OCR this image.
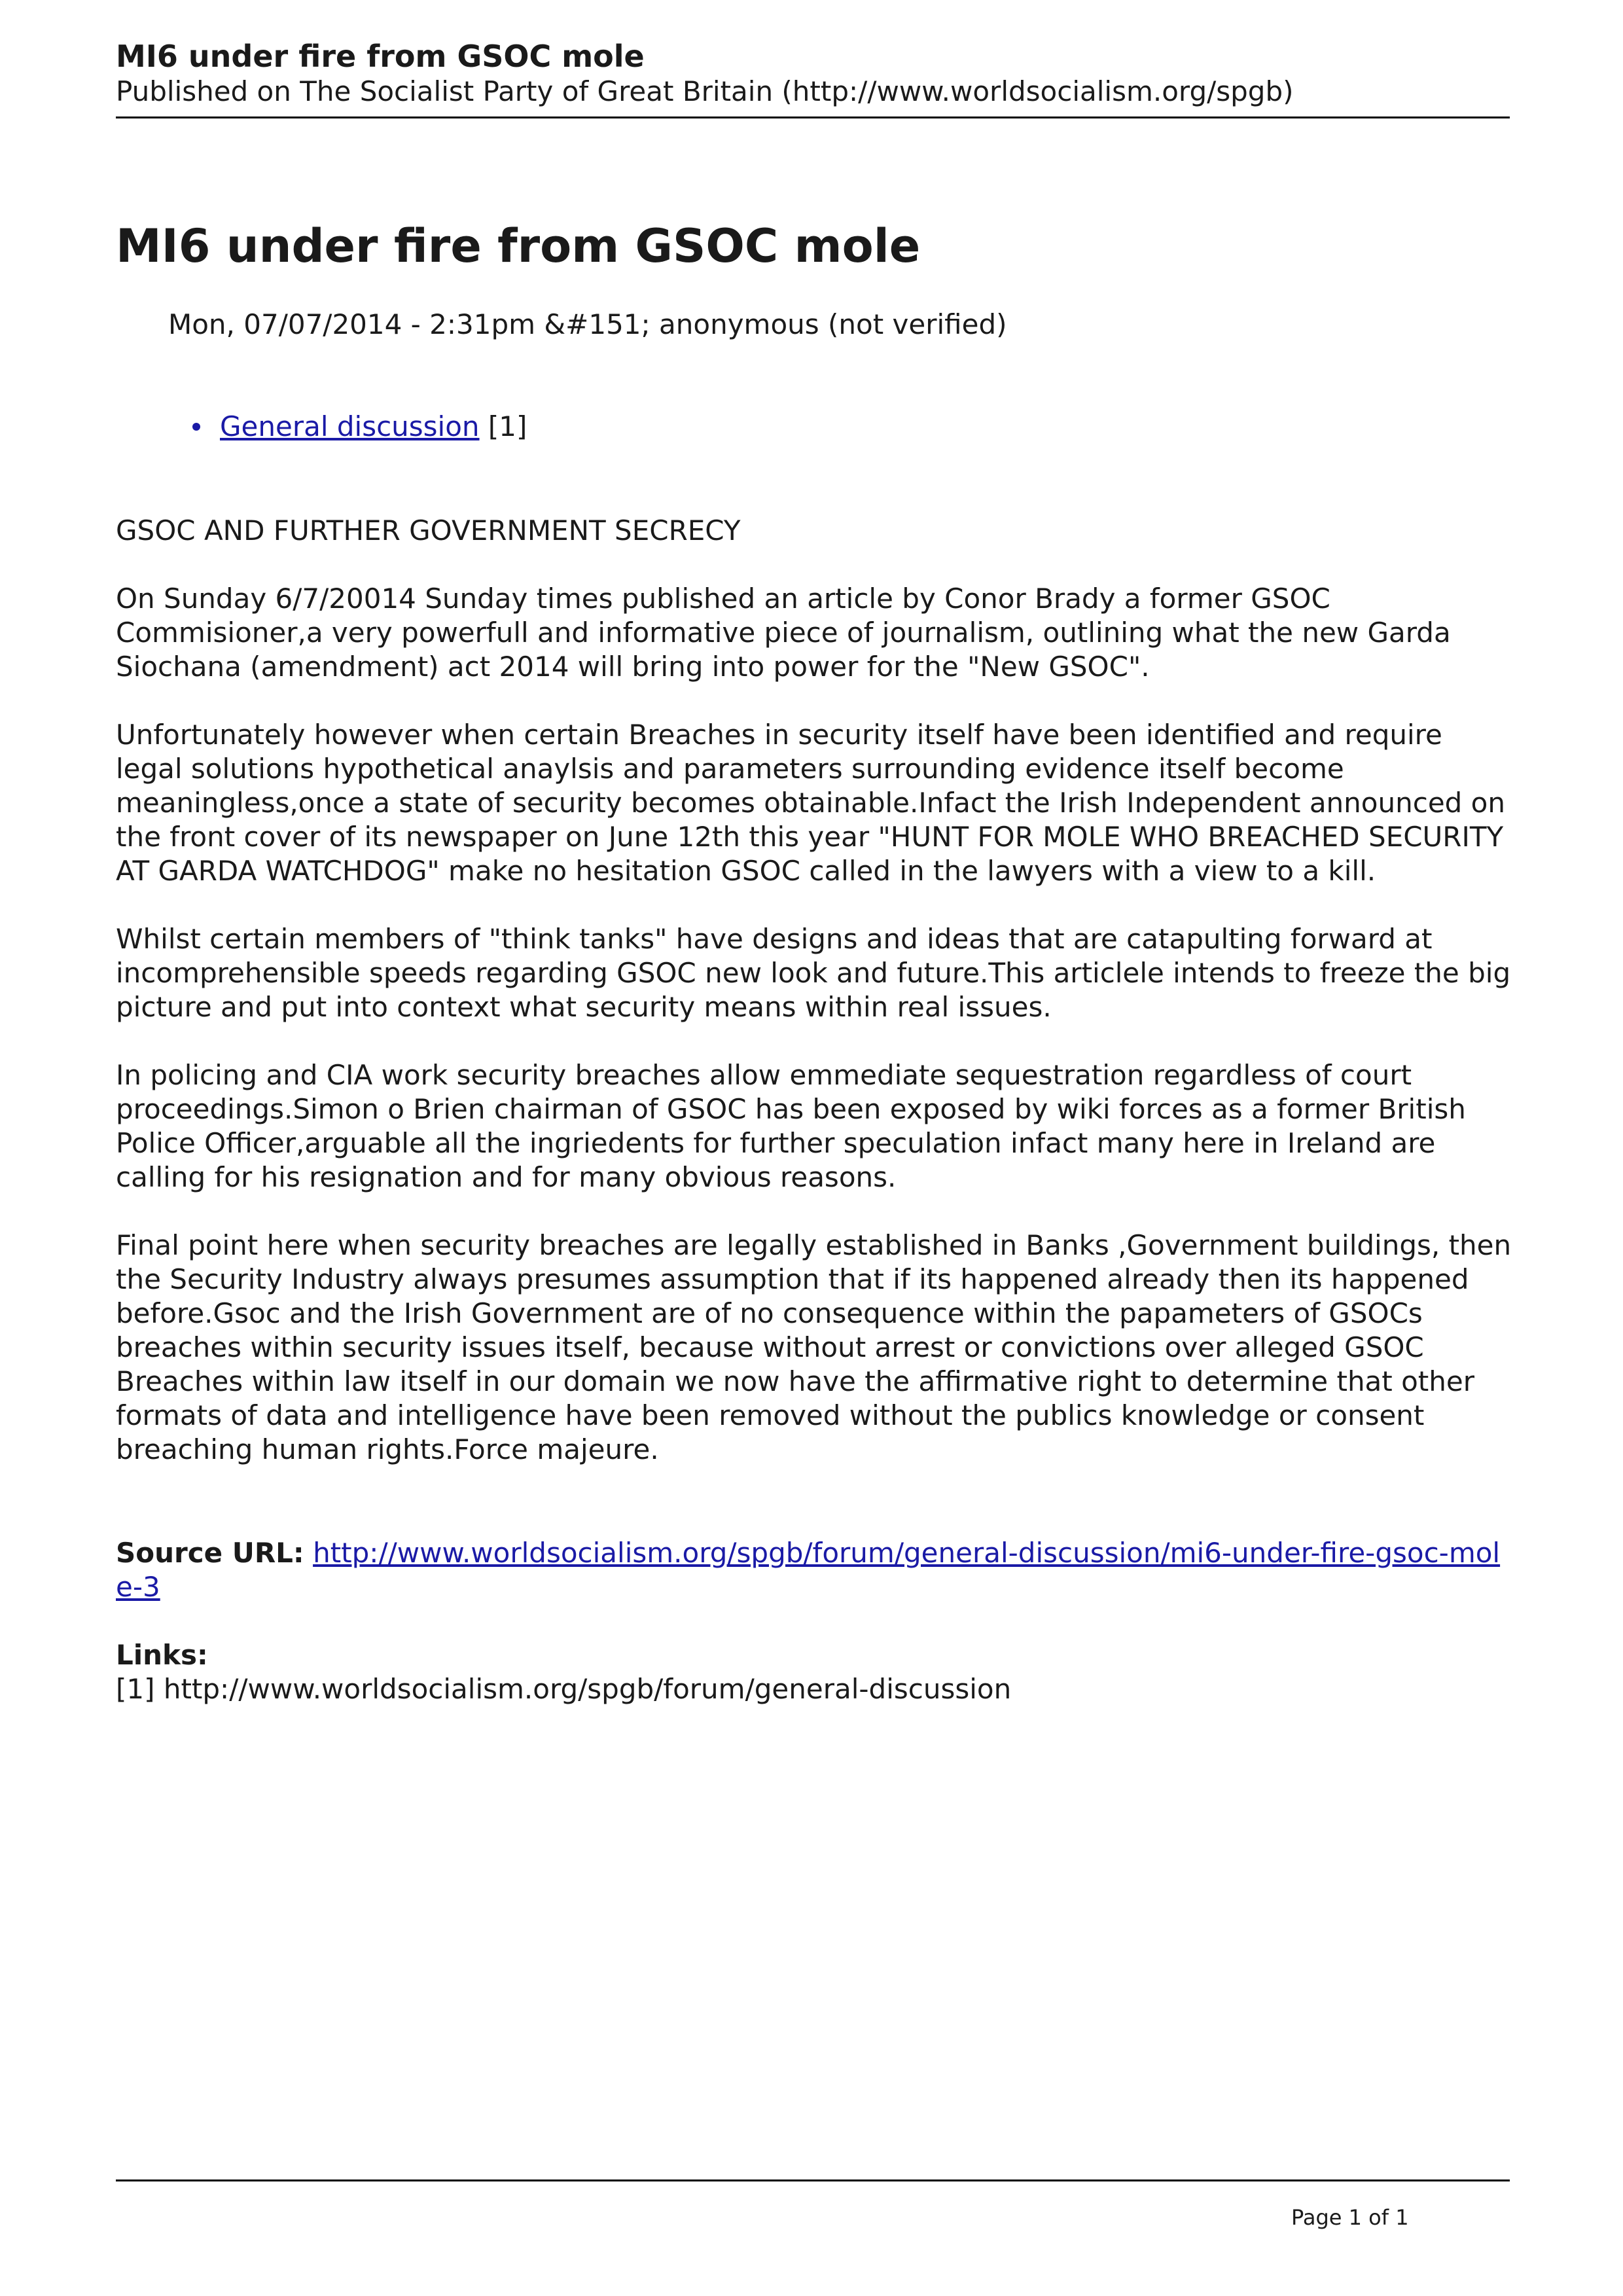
MI6 under fire from GSOC mole
Published on The Socialist Party of Great Britain (http://www.worldsocialism.org/spgb)
MI6 under fire from GSOC mole
Mon, 07/07/2014 - 2:31pm &#151; anonymous (not verified)
General discussion [1]

GSOC AND FURTHER GOVERNMENT SECRECY

On Sunday 6/7/20014 Sunday times published an article by Conor Brady a former GSOC Commisioner,a very powerfull and informative piece of journalism, outlining what the new Garda Siochana (amendment) act 2014 will bring into power for the "New GSOC".

Unfortunately however when certain Breaches in security itself have been identified and require legal solutions hypothetical anaylsis and parameters surrounding evidence itself become meaningless,once a state of security becomes obtainable.Infact the Irish Independent announced on the front cover of its newspaper on June 12th this year "HUNT FOR MOLE WHO BREACHED SECURITY AT GARDA WATCHDOG" make no hesitation GSOC called in the lawyers with a view to a kill.

Whilst certain members of "think tanks" have designs and ideas that are catapulting forward at incomprehensible speeds regarding GSOC new look and future.This articlele intends to freeze the big picture and put into context what security means within real issues.

In policing and CIA work security breaches allow emmediate sequestration regardless of court proceedings.Simon o Brien chairman of GSOC has been exposed by wiki forces as a former British Police Officer,arguable all the ingriedents for further speculation infact many here in Ireland are calling for his resignation and for many obvious reasons.

Final point here when security breaches are legally established in Banks ,Government buildings, then the Security Industry always presumes assumption that if its happened already then its happened before.Gsoc and the Irish Government are of no consequence within the papameters of GSOCs breaches within security issues itself, because without arrest or convictions over alleged GSOC Breaches within law itself in our domain we now have the affirmative right to determine that other formats of data and intelligence have been removed without the publics knowledge or consent breaching human rights.Force majeure.

Source URL: http://www.worldsocialism.org/spgb/forum/general-discussion/mi6-under-fire-gsoc-mole-3
Links:
[1] http://www.worldsocialism.org/spgb/forum/general-discussion
Page 1 of 1
